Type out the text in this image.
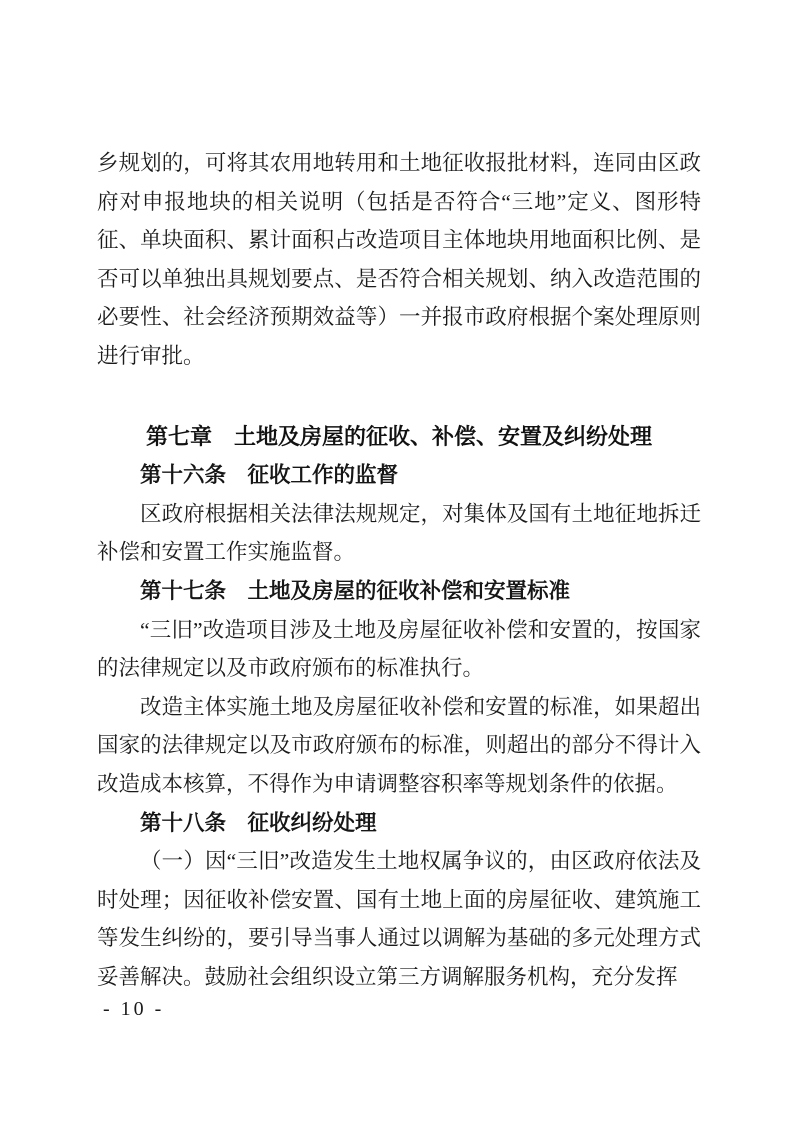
乡规划的，可将其农用地转用和土地征收报批材料，连同由区政府对申报地块的相关说明（包括是否符合“三地”定义、图形特征、单块面积、累计面积占改造项目主体地块用地面积比例、是否可以单独出具规划要点、是否符合相关规划、纳入改造范围的必要性、社会经济预期效益等）一并报市政府根据个案处理原则进行审批。

第七章　土地及房屋的征收、补偿、安置及纠纷处理
第十六条　征收工作的监督

区政府根据相关法律法规规定，对集体及国有土地征地拆迁补偿和安置工作实施监督。

第十七条　土地及房屋的征收补偿和安置标准

“三旧”改造项目涉及土地及房屋征收补偿和安置的，按国家的法律规定以及市政府颁布的标准执行。

改造主体实施土地及房屋征收补偿和安置的标准，如果超出国家的法律规定以及市政府颁布的标准，则超出的部分不得计入改造成本核算，不得作为申请调整容积率等规划条件的依据。

第十八条　征收纠纷处理

（一）因“三旧”改造发生土地权属争议的，由区政府依法及时处理；因征收补偿安置、国有土地上面的房屋征收、建筑施工等发生纠纷的，要引导当事人通过以调解为基础的多元处理方式妥善解决。鼓励社会组织设立第三方调解服务机构，充分发挥

- 10 -
